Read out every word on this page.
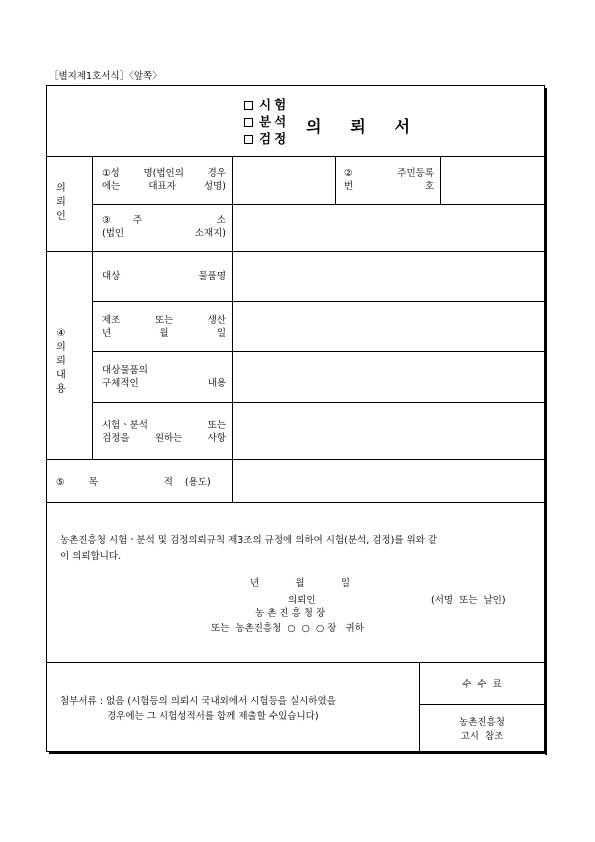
［별지제1호서식］〈앞쪽〉
시험
분석
검정
의 뢰 서
의
뢰
인
①성	명(법인의	경우
에는	대표자	성명)
②	주민등록
번	호
③ 주	소
(법인	소재지)
④
의
뢰
내
용
대상	물품명
제조	또는	생산
년	월	일
대상물품의
구체적인	내용
시험ㆍ분석	또는
검정을	원하는	사항
⑤	목	적 (용도)
농촌진흥청 시험ㆍ분석 및 검정의뢰규칙 제3조의 규정에 의하여 시험(분석, 검정)를 위와 같
이 의뢰합니다.
년	월	일
의뢰인	(서명  또는  날인)
농 촌 진 흥 청 장
또는  농촌진흥청  ○  ○  ○ 장   귀하
첨부서류 : 없음 (시험등의 의뢰시 국내외에서 시험등을 실시하였을
경우에는 그 시험성적서를 함께 제출할 수있습니다)
수  수  료
농촌진흥청
고시  참조
